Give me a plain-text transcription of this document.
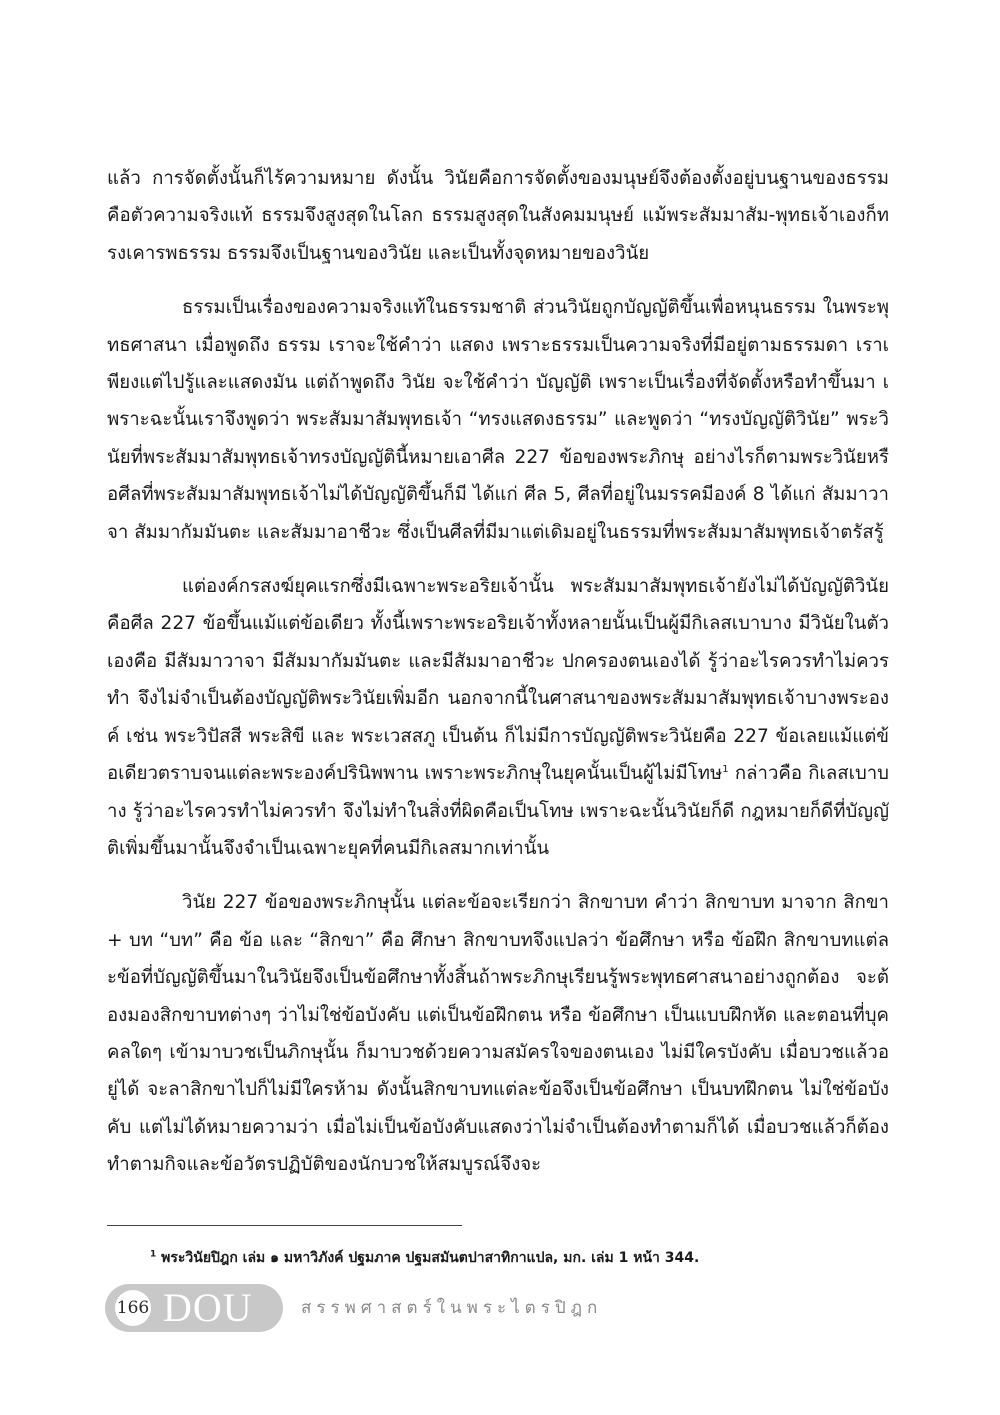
แล้ว การจัดตั้งนั้นก็ไร้ความหมาย ดังนั้น วินัยคือการจัดตั้งของมนุษย์จึงต้องตั้งอยู่บนฐานของธรรม คือตัวความจริงแท้ ธรรมจึงสูงสุดในโลก ธรรมสูงสุดในสังคมมนุษย์ แม้พระสัมมาสัม-พุทธเจ้าเองก็ทรงเคารพธรรม ธรรมจึงเป็นฐานของวินัย และเป็นทั้งจุดหมายของวินัย

ธรรมเป็นเรื่องของความจริงแท้ในธรรมชาติ ส่วนวินัยถูกบัญญัติขึ้นเพื่อหนุนธรรม ในพระพุทธศาสนา เมื่อพูดถึง ธรรม เราจะใช้คำว่า แสดง เพราะธรรมเป็นความจริงที่มีอยู่ตามธรรมดา เราเพียงแต่ไปรู้และแสดงมัน แต่ถ้าพูดถึง วินัย จะใช้คำว่า บัญญัติ เพราะเป็นเรื่องที่จัดตั้งหรือทำขึ้นมา เพราะฉะนั้นเราจึงพูดว่า พระสัมมาสัมพุทธเจ้า “ทรงแสดงธรรม” และพูดว่า “ทรงบัญญัติวินัย” พระวินัยที่พระสัมมาสัมพุทธเจ้าทรงบัญญัตินี้หมายเอาศีล 227 ข้อของพระภิกษุ อย่างไรก็ตามพระวินัยหรือศีลที่พระสัมมาสัมพุทธเจ้าไม่ได้บัญญัติขึ้นก็มี ได้แก่ ศีล 5, ศีลที่อยู่ในมรรคมีองค์ 8 ได้แก่ สัมมาวาจา สัมมากัมมันตะ และสัมมาอาชีวะ ซึ่งเป็นศีลที่มีมาแต่เดิมอยู่ในธรรมที่พระสัมมาสัมพุทธเจ้าตรัสรู้

แต่องค์กรสงฆ์ยุคแรกซึ่งมีเฉพาะพระอริยเจ้านั้น พระสัมมาสัมพุทธเจ้ายังไม่ได้บัญญัติวินัยคือศีล 227 ข้อขึ้นแม้แต่ข้อเดียว ทั้งนี้เพราะพระอริยเจ้าทั้งหลายนั้นเป็นผู้มีกิเลสเบาบาง มีวินัยในตัวเองคือ มีสัมมาวาจา มีสัมมากัมมันตะ และมีสัมมาอาชีวะ ปกครองตนเองได้ รู้ว่าอะไรควรทำไม่ควรทำ จึงไม่จำเป็นต้องบัญญัติพระวินัยเพิ่มอีก นอกจากนี้ในศาสนาของพระสัมมาสัมพุทธเจ้าบางพระองค์ เช่น พระวิปัสสี พระสิขี และ พระเวสสภู เป็นต้น ก็ไม่มีการบัญญัติพระวินัยคือ 227 ข้อเลยแม้แต่ข้อเดียวตราบจนแต่ละพระองค์ปรินิพพาน เพราะพระภิกษุในยุคนั้นเป็นผู้ไม่มีโทษ$^1$ กล่าวคือ กิเลสเบาบาง รู้ว่าอะไรควรทำไม่ควรทำ จึงไม่ทำในสิ่งที่ผิดคือเป็นโทษ เพราะฉะนั้นวินัยก็ดี กฎหมายก็ดีที่บัญญัติเพิ่มขึ้นมานั้นจึงจำเป็นเฉพาะยุคที่คนมีกิเลสมากเท่านั้น

วินัย 227 ข้อของพระภิกษุนั้น แต่ละข้อจะเรียกว่า สิกขาบท คำว่า สิกขาบท มาจาก สิกขา + บท “บท” คือ ข้อ และ “สิกขา” คือ ศึกษา สิกขาบทจึงแปลว่า ข้อศึกษา หรือ ข้อฝึก สิกขาบทแต่ละข้อที่บัญญัติขึ้นมาในวินัยจึงเป็นข้อศึกษาทั้งสิ้นถ้าพระภิกษุเรียนรู้พระพุทธศาสนาอย่างถูกต้อง จะต้องมองสิกขาบทต่างๆ ว่าไม่ใช่ข้อบังคับ แต่เป็นข้อฝึกตน หรือ ข้อศึกษา เป็นแบบฝึกหัด และตอนที่บุคคลใดๆ เข้ามาบวชเป็นภิกษุนั้น ก็มาบวชด้วยความสมัครใจของตนเอง ไม่มีใครบังคับ เมื่อบวชแล้วอยู่ได้ จะลาสิกขาไปก็ไม่มีใครห้าม ดังนั้นสิกขาบทแต่ละข้อจึงเป็นข้อศึกษา เป็นบทฝึกตน ไม่ใช่ข้อบังคับ แต่ไม่ได้หมายความว่า เมื่อไม่เป็นข้อบังคับแสดงว่าไม่จำเป็นต้องทำตามก็ได้ เมื่อบวชแล้วก็ต้องทำตามกิจและข้อวัตรปฏิบัติของนักบวชให้สมบูรณ์จึงจะ

$^1$ พระวินัยปิฎก เล่ม ๑ มหาวิภังค์ ปฐมภาค ปฐมสมันตปาสาทิกาแปล, มก. เล่ม 1 หน้า 344.
166 DOU	สรรพศาสตร์ในพระไตรปิฎก
